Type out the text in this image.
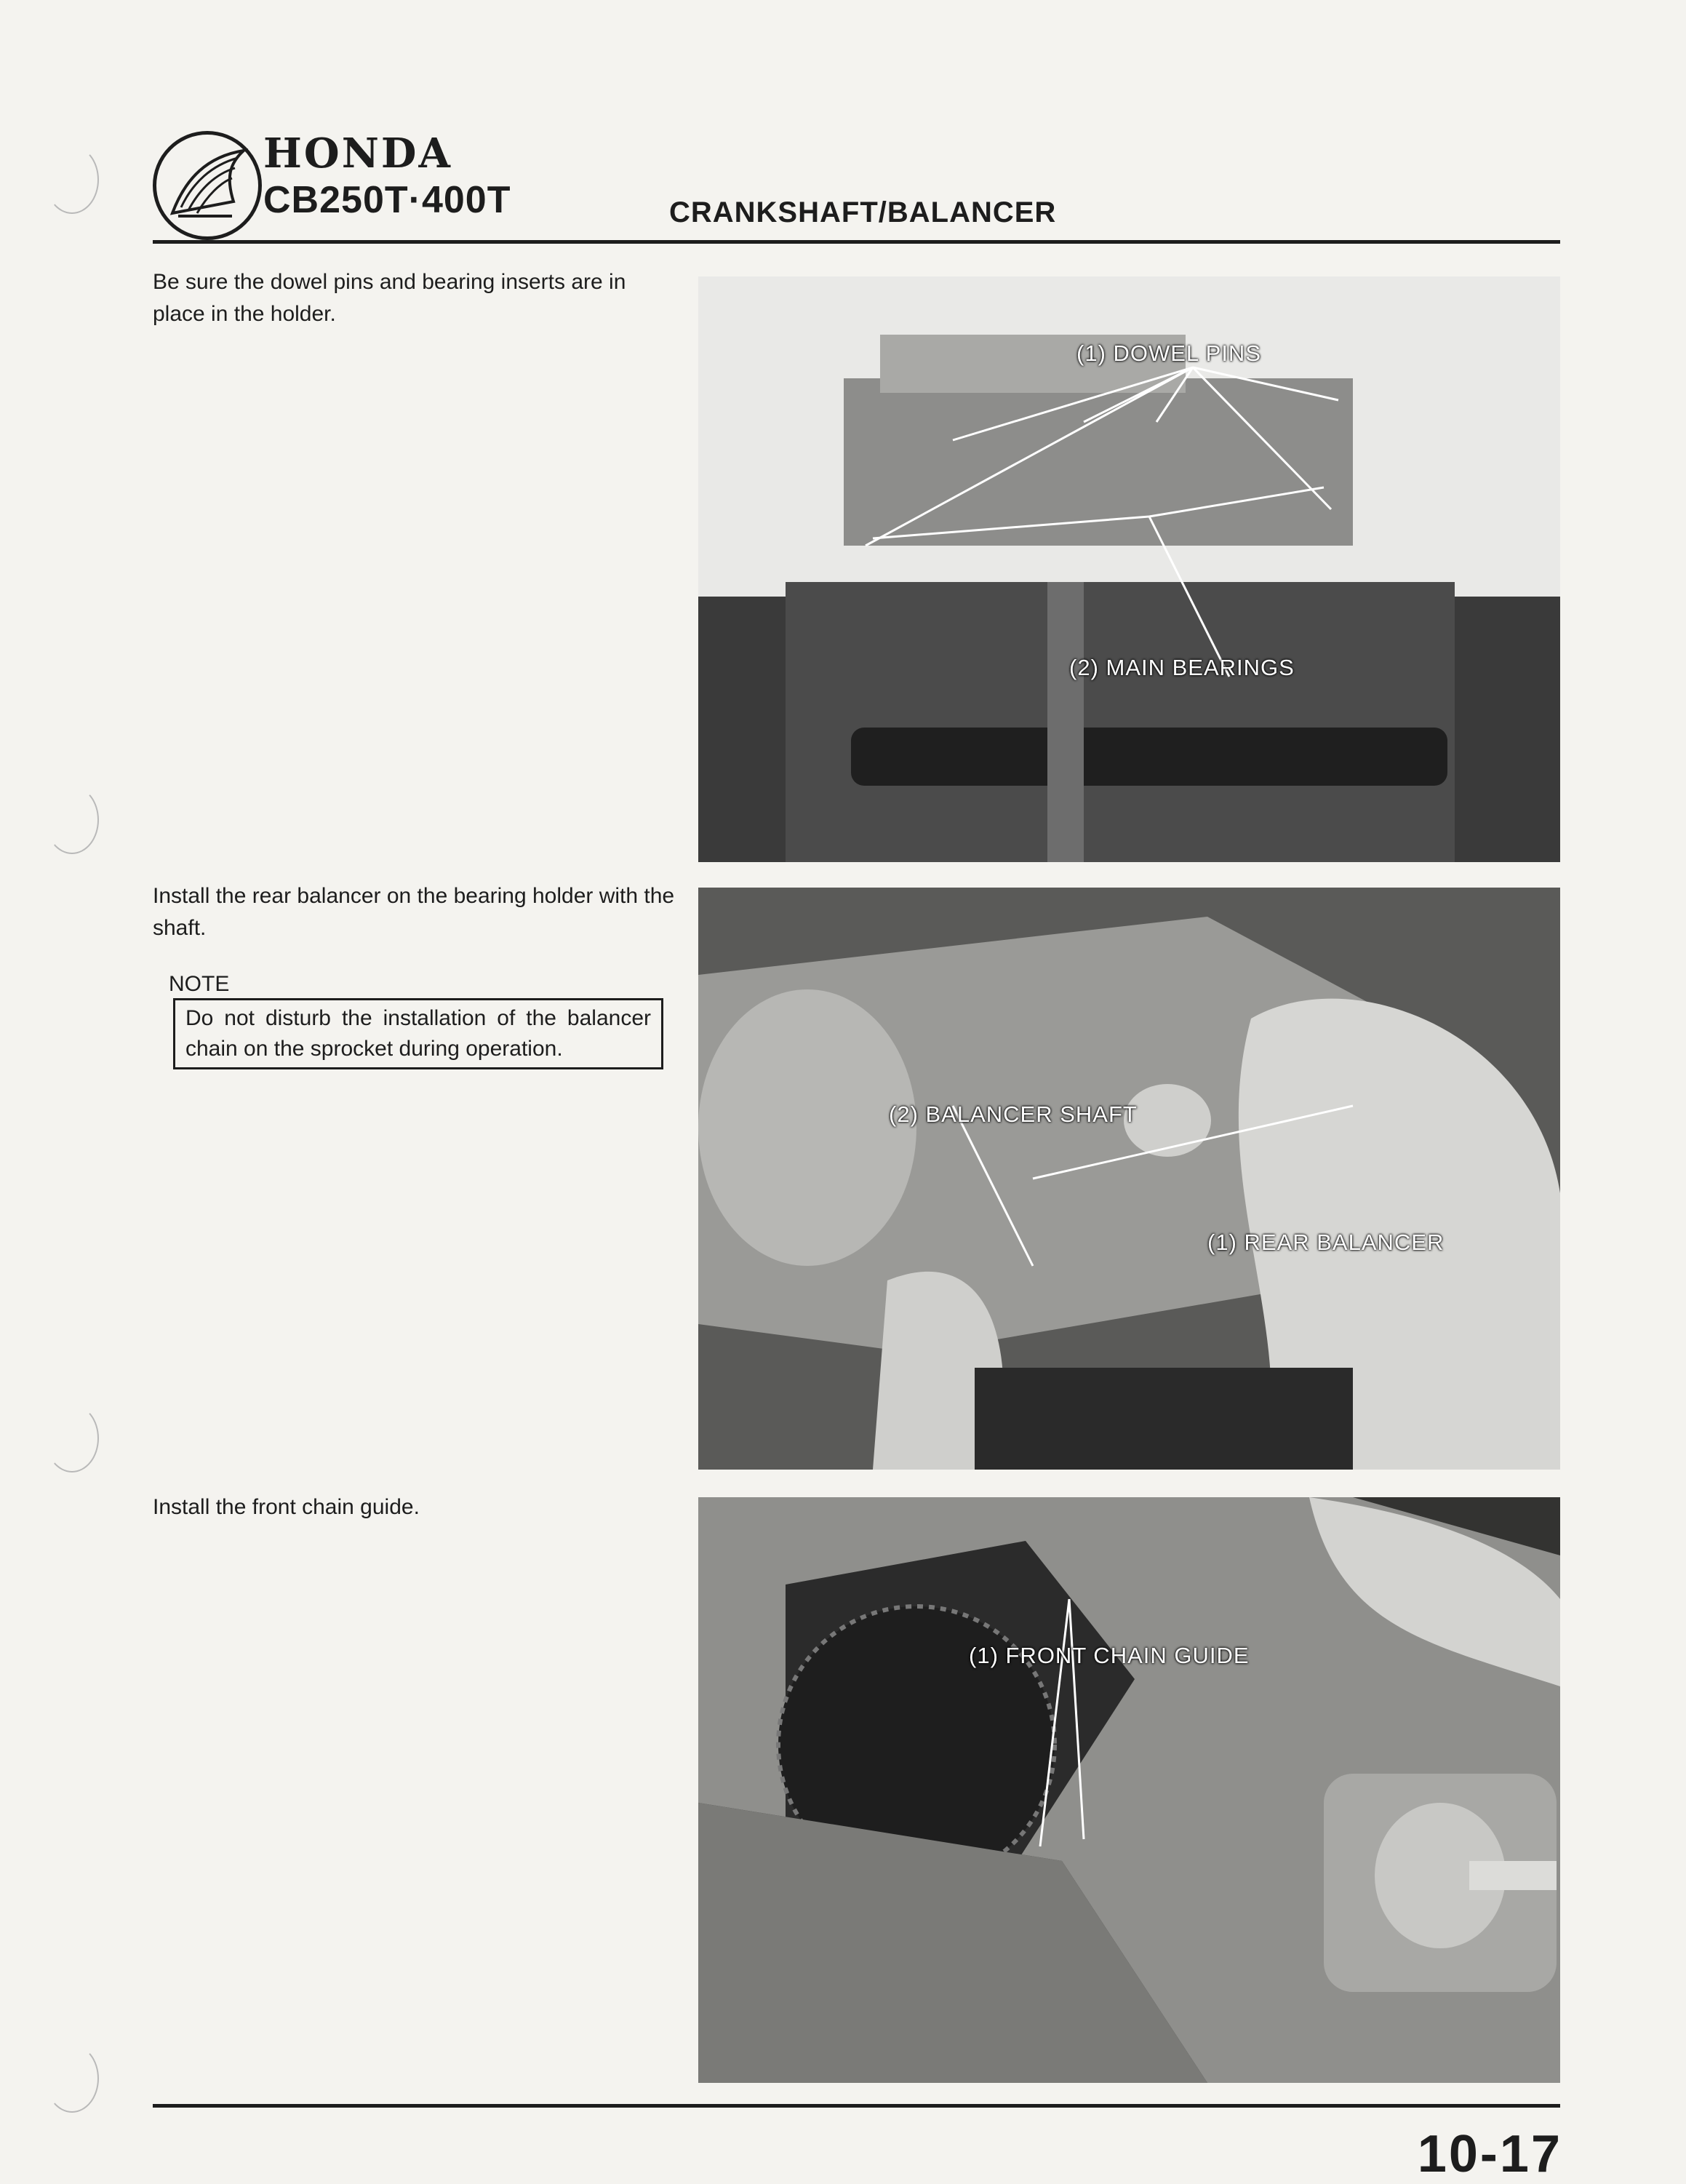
HONDA
CB250T·400T	CRANKSHAFT/BALANCER
Be sure the dowel pins and bearing inserts are in place in the holder.
(1) DOWEL PINS
(2) MAIN BEARINGS
Install the rear balancer on the bearing holder with the shaft.
NOTE
Do not disturb the installation of the balancer chain on the sprocket during operation.
(2) BALANCER SHAFT
(1) REAR BALANCER
Install the front chain guide.
(1) FRONT CHAIN GUIDE
10-17
